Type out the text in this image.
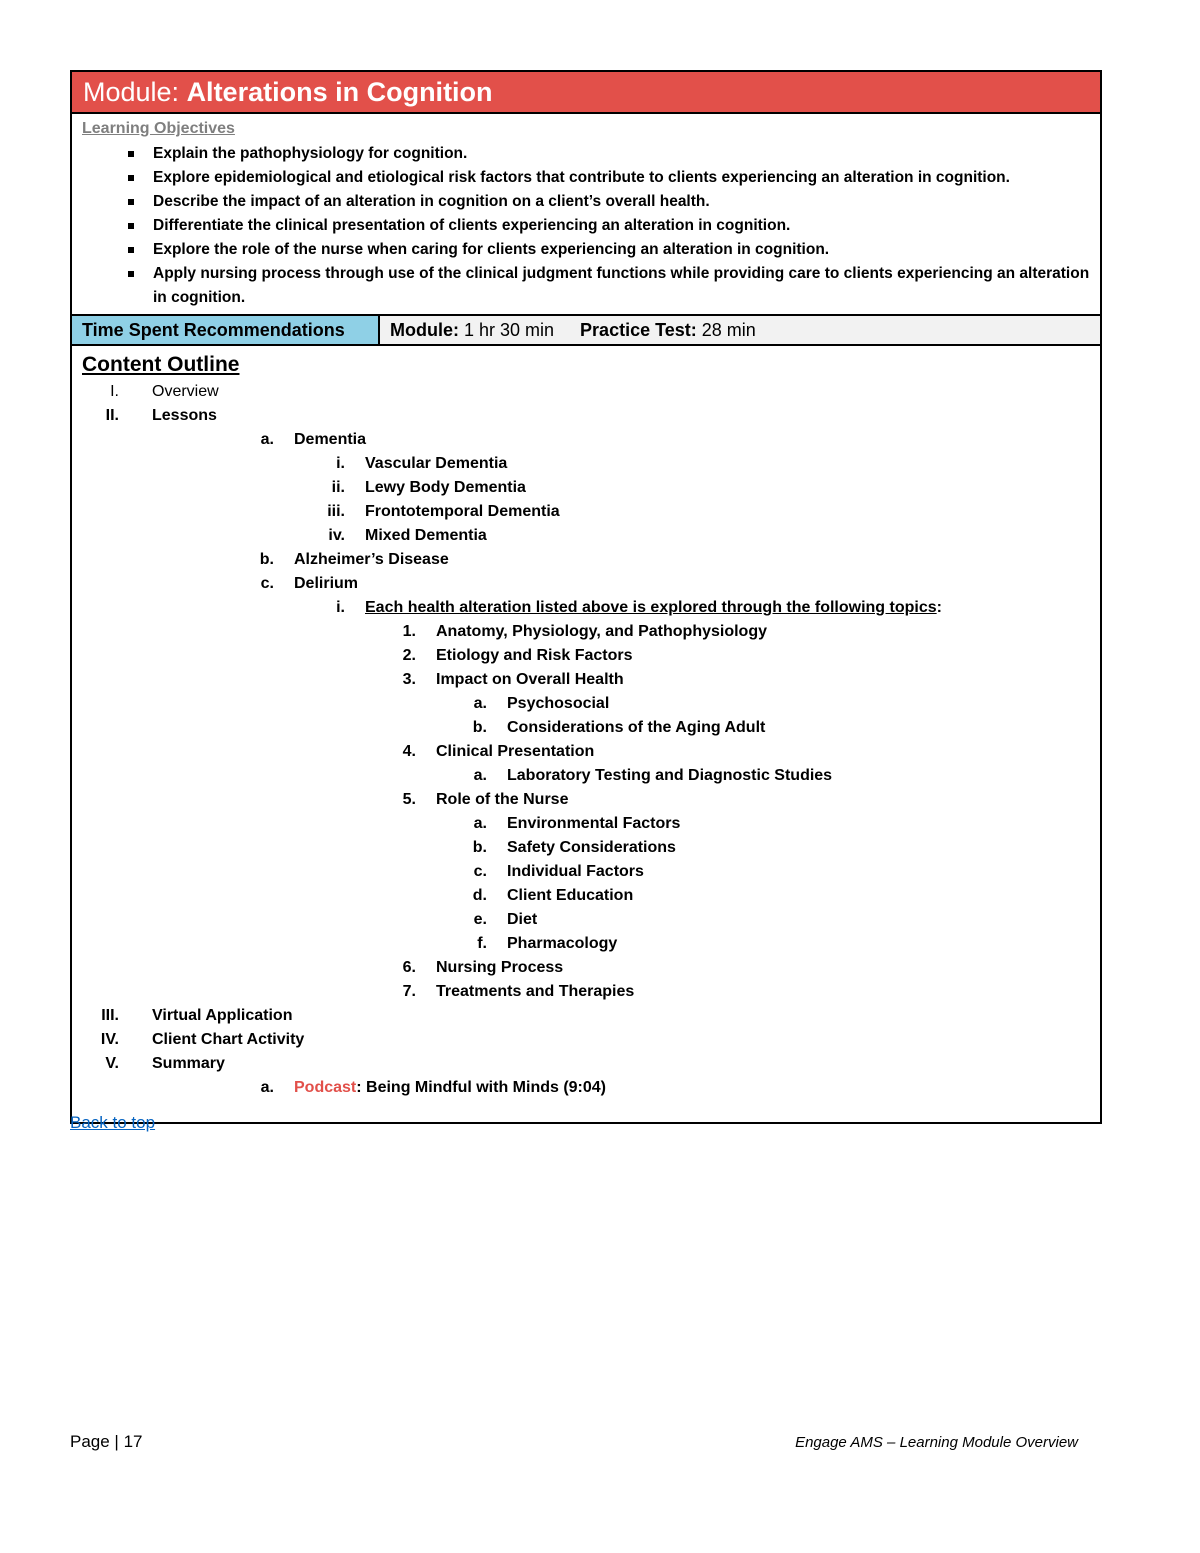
Module: Alterations in Cognition
Learning Objectives
Explain the pathophysiology for cognition.
Explore epidemiological and etiological risk factors that contribute to clients experiencing an alteration in cognition.
Describe the impact of an alteration in cognition on a client’s overall health.
Differentiate the clinical presentation of clients experiencing an alteration in cognition.
Explore the role of the nurse when caring for clients experiencing an alteration in cognition.
Apply nursing process through use of the clinical judgment functions while providing care to clients experiencing an alteration in cognition.
Time Spent Recommendations	Module: 1 hr 30 min Practice Test: 28 min
Content Outline
I. Overview
II. Lessons
a. Dementia
i. Vascular Dementia
ii. Lewy Body Dementia
iii. Frontotemporal Dementia
iv. Mixed Dementia
b. Alzheimer’s Disease
c. Delirium
i. Each health alteration listed above is explored through the following topics:
1. Anatomy, Physiology, and Pathophysiology
2. Etiology and Risk Factors
3. Impact on Overall Health
a. Psychosocial
b. Considerations of the Aging Adult
4. Clinical Presentation
a. Laboratory Testing and Diagnostic Studies
5. Role of the Nurse
a. Environmental Factors
b. Safety Considerations
c. Individual Factors
d. Client Education
e. Diet
f. Pharmacology
6. Nursing Process
7. Treatments and Therapies
III. Virtual Application
IV. Client Chart Activity
V. Summary
a. Podcast: Being Mindful with Minds (9:04)
Back to top
Page | 17	Engage AMS – Learning Module Overview
